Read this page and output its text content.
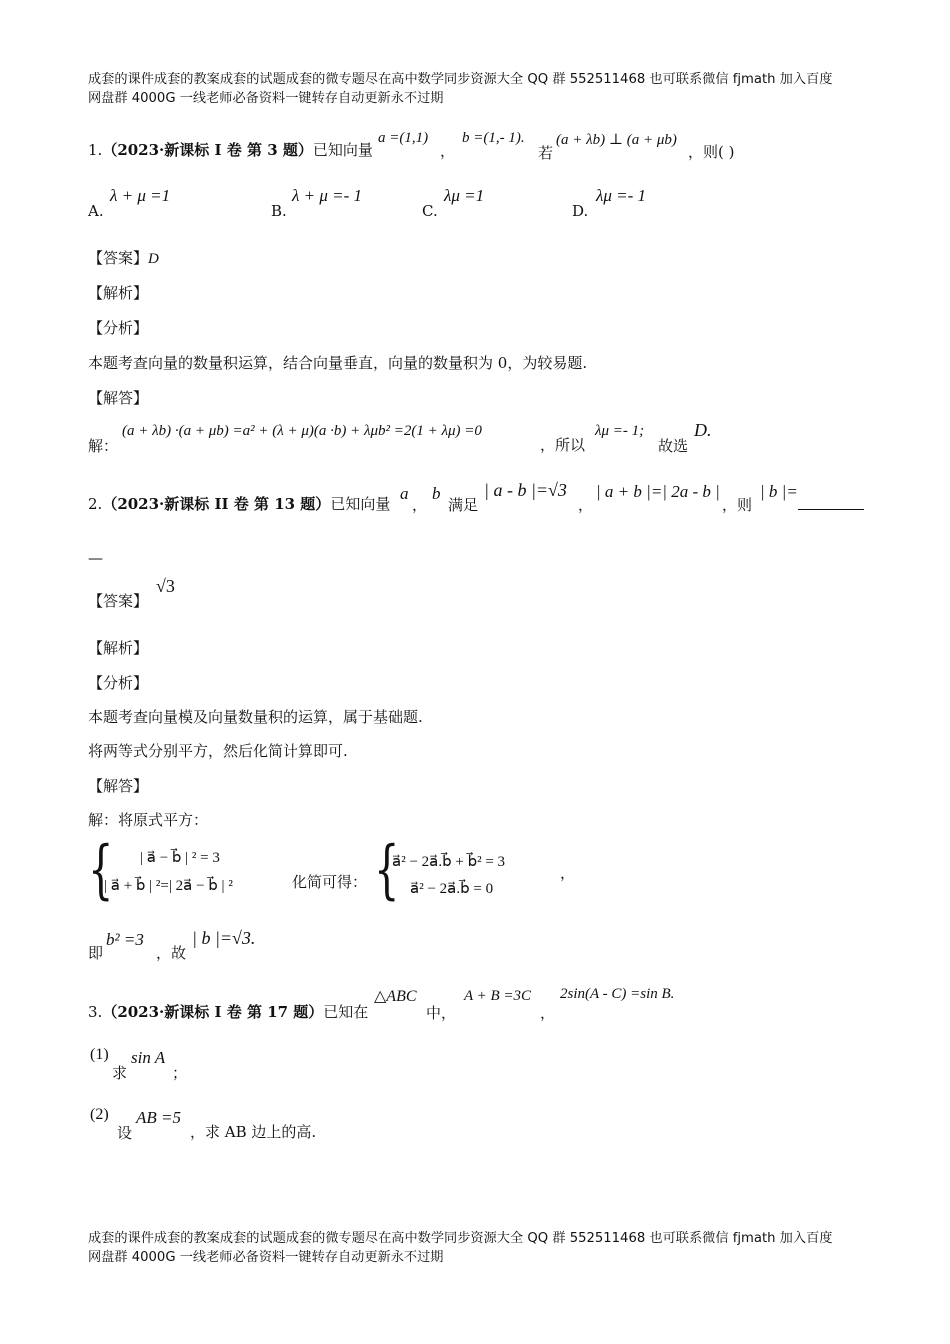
成套的课件成套的教案成套的试题成套的微专题尽在高中数学同步资源大全 QQ 群 552511468 也可联系微信 fjmath 加入百度
网盘群 4000G 一线老师必备资料一键转存自动更新永不过期
1.（2023·新课标 I 卷 第 3 题）已知向量
a =(1,1)
，
b =(1,- 1).
若
(a + λb) ⊥ (a + μb)
，则( )
A.
λ + μ =1
B.
λ + μ =- 1
C.
λμ =1
D.
λμ =- 1
【答案】D
【解析】
【分析】
本题考查向量的数量积运算，结合向量垂直，向量的数量积为 0，为较易题.
【解答】
解：
(a + λb) ·(a + μb) =a² + (λ + μ)(a ·b) + λμb² =2(1 + λμ) =0
，所以
λμ =- 1;
故选
D.
2.（2023·新课标 II 卷 第 13 题）已知向量
a
，
b
满足
| a - b |=√3
，
| a + b |=| 2a - b |
，则
| b |=
—
【答案】
√3
【解析】
【分析】
本题考查向量模及向量数量积的运算，属于基础题.
将两等式分别平方，然后化简计算即可.
【解答】
解：将原式平方：
{ | a⃗ − b⃗ | ² = 3
| a⃗ + b⃗ | ²=| 2a⃗ − b⃗ | ²	化简可得： {
a⃗² − 2a⃗.b⃗ + b⃗² = 3
a⃗² − 2a⃗.b⃗ = 0
，
即
b² =3
，故
| b |=√3.
3.（2023·新课标 I 卷 第 17 题）已知在
△ABC
中，
A + B =3C
，
2sin(A - C) =sin B.
(1)
求
sin A
；
(2)
设
AB =5
，求 AB 边上的高.
成套的课件成套的教案成套的试题成套的微专题尽在高中数学同步资源大全 QQ 群 552511468 也可联系微信 fjmath 加入百度
网盘群 4000G 一线老师必备资料一键转存自动更新永不过期
